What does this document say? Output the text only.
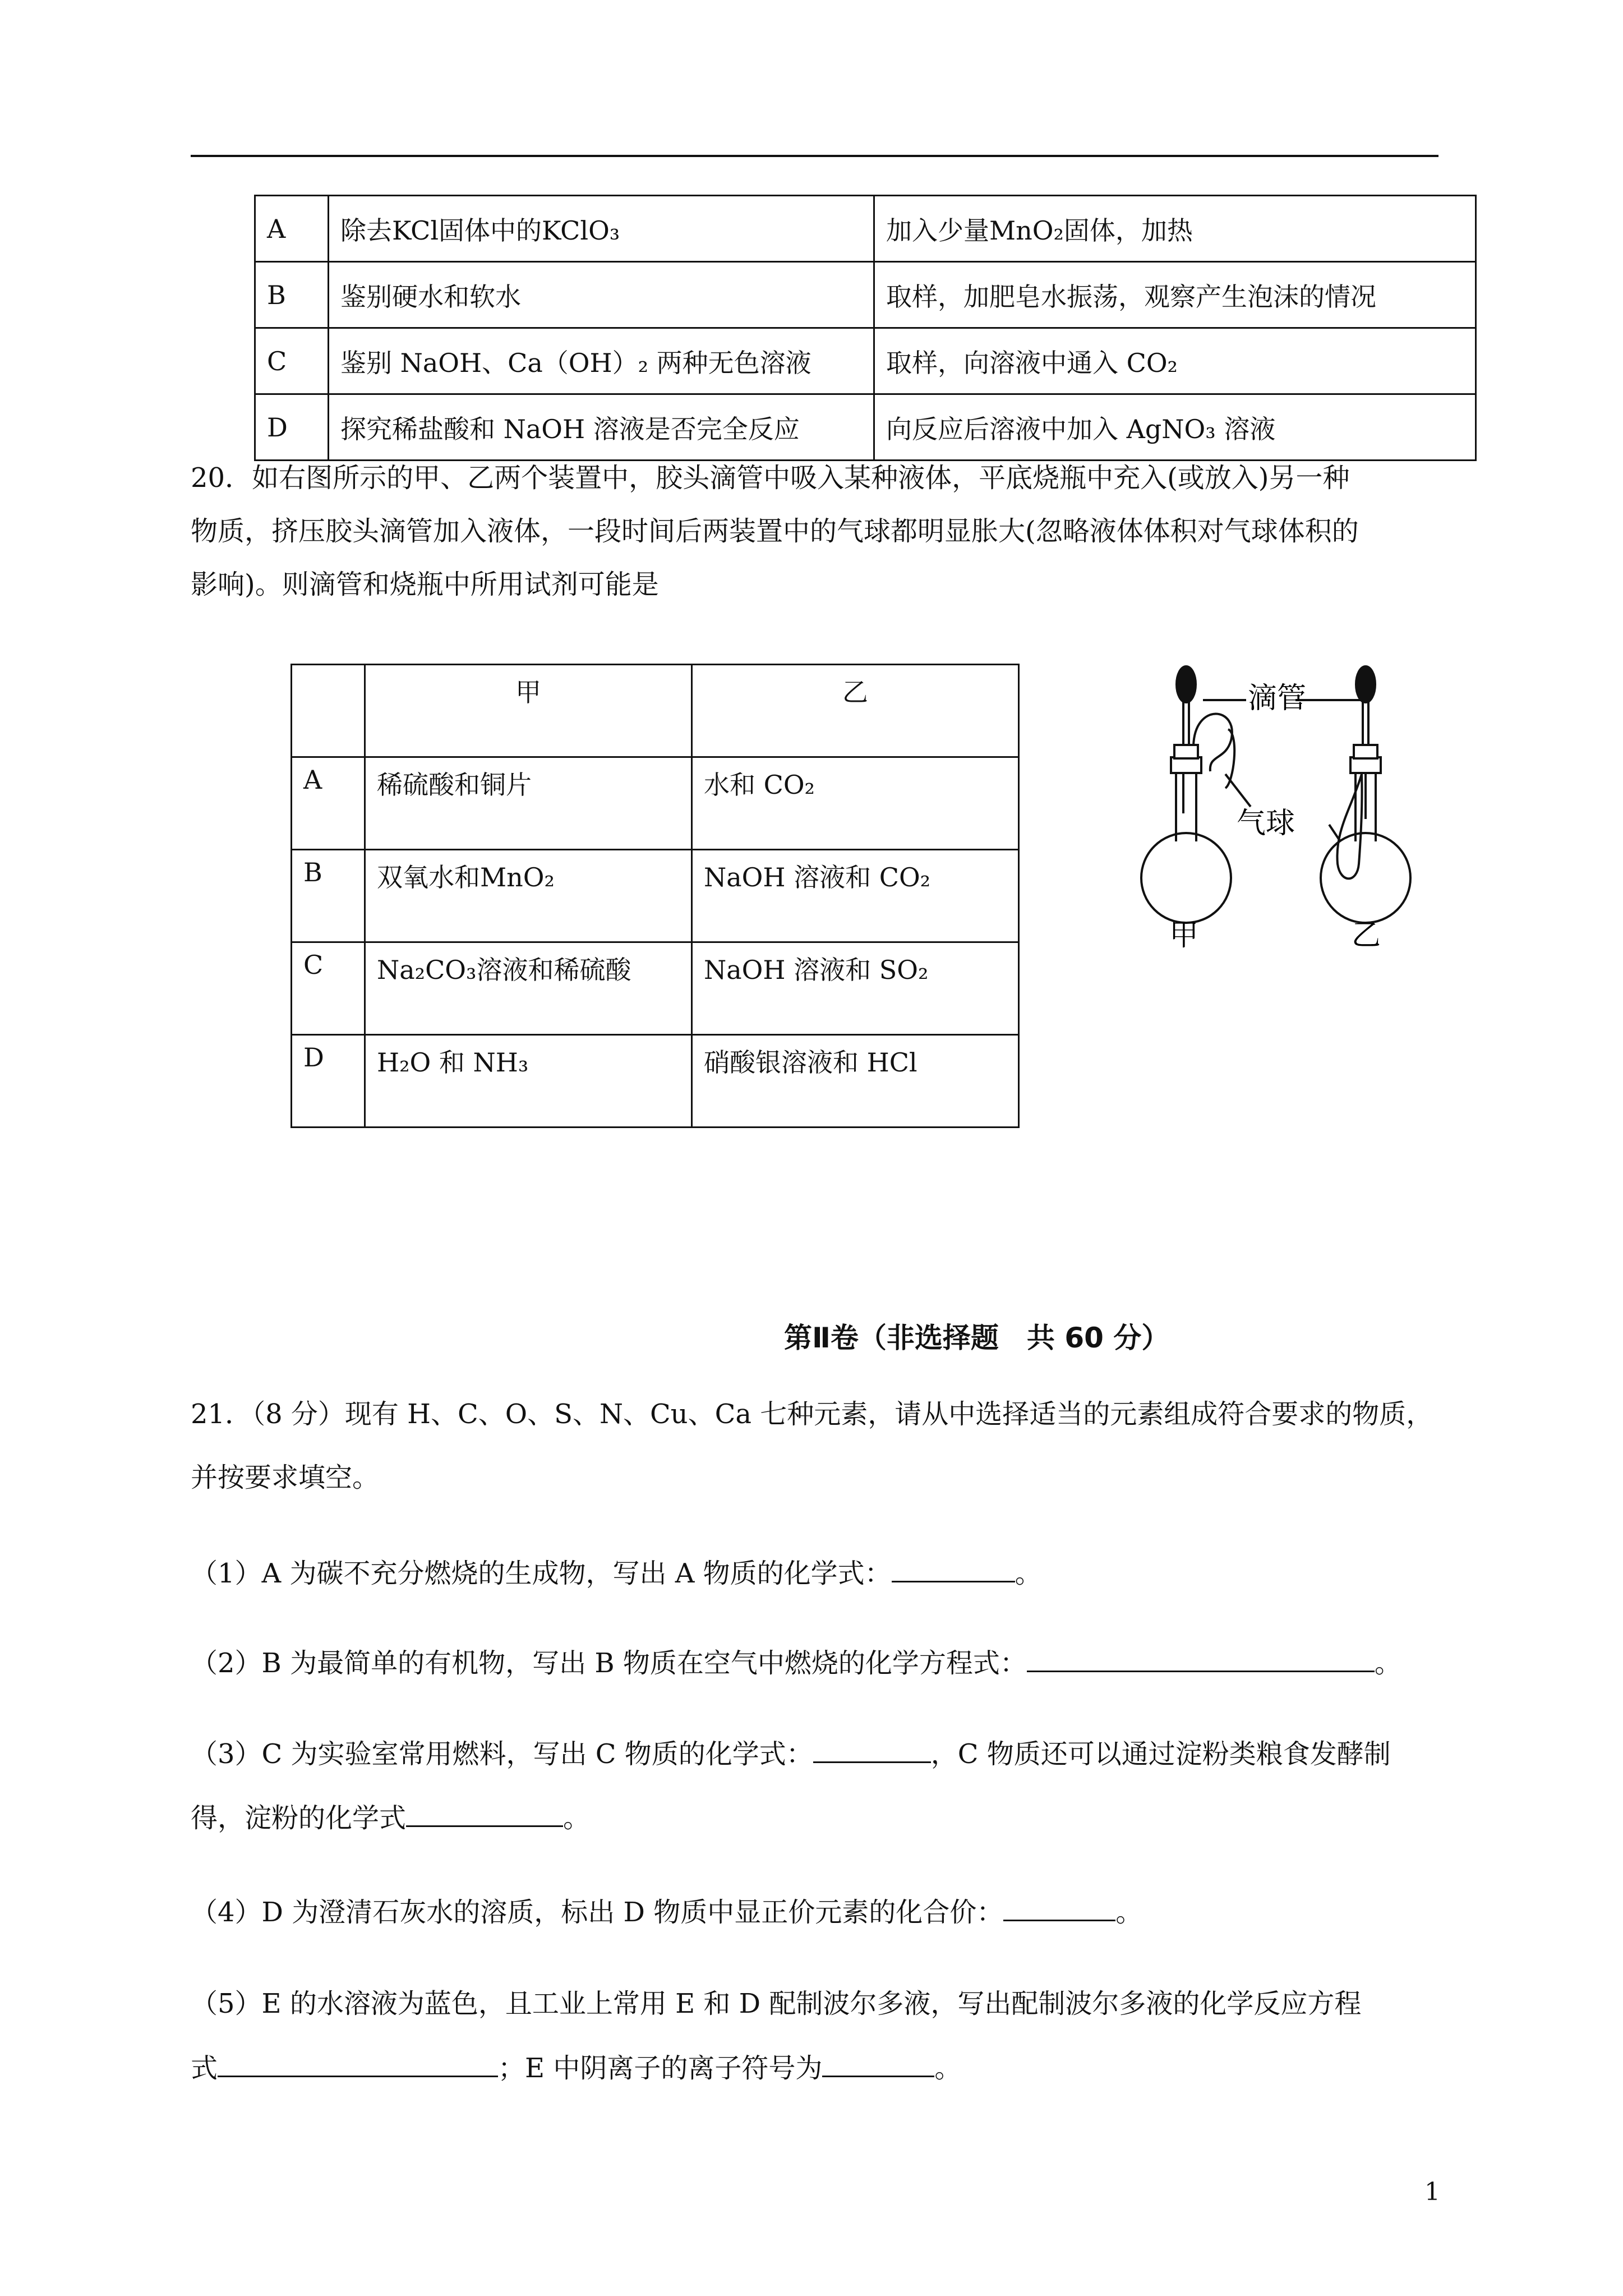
A	除去KCl固体中的KClO₃	加入少量MnO₂固体，加热
B	鉴别硬水和软水	取样，加肥皂水振荡，观察产生泡沫的情况
C	鉴别 NaOH、Ca（OH）₂ 两种无色溶液	取样，向溶液中通入 CO₂
D	探究稀盐酸和 NaOH 溶液是否完全反应	向反应后溶液中加入 AgNO₃ 溶液
20．如右图所示的甲、乙两个装置中，胶头滴管中吸入某种液体，平底烧瓶中充入(或放入)另一种
物质，挤压胶头滴管加入液体，一段时间后两装置中的气球都明显胀大(忽略液体体积对气球体积的
影响)。则滴管和烧瓶中所用试剂可能是
	甲	乙
A	稀硫酸和铜片	水和 CO₂
B	双氧水和MnO₂	NaOH 溶液和 CO₂
C	Na₂CO₃溶液和稀硫酸	NaOH 溶液和 SO₂
D	H₂O 和 NH₃	硝酸银溶液和 HCl
滴管
气球
甲	乙
第Ⅱ卷（非选择题　共 60 分）
21．（8 分）现有 H、C、O、S、N、Cu、Ca 七种元素，请从中选择适当的元素组成符合要求的物质，
并按要求填空。
（1）A 为碳不充分燃烧的生成物，写出 A 物质的化学式：	。
（2）B 为最简单的有机物，写出 B 物质在空气中燃烧的化学方程式：	。
（3）C 为实验室常用燃料，写出 C 物质的化学式：	，C 物质还可以通过淀粉类粮食发酵制
得，淀粉的化学式	。
（4）D 为澄清石灰水的溶质，标出 D 物质中显正价元素的化合价：	。
（5）E 的水溶液为蓝色，且工业上常用 E 和 D 配制波尔多液，写出配制波尔多液的化学反应方程
式	；E 中阴离子的离子符号为	。
1
